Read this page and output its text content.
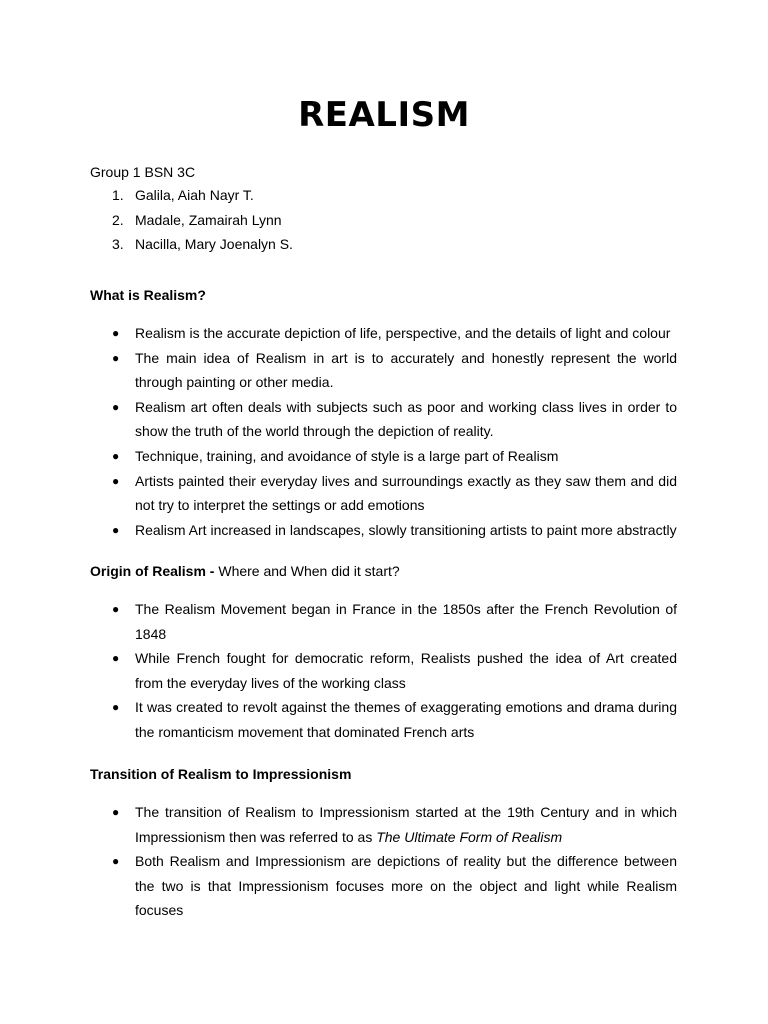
REALISM
Group 1 BSN 3C
1. Galila, Aiah Nayr T.
2. Madale, Zamairah Lynn
3. Nacilla, Mary Joenalyn S.
What is Realism?
● Realism is the accurate depiction of life, perspective, and the details of light and colour
● The main idea of Realism in art is to accurately and honestly represent the world through painting or other media.
● Realism art often deals with subjects such as poor and working class lives in order to show the truth of the world through the depiction of reality.
● Technique, training, and avoidance of style is a large part of Realism
● Artists painted their everyday lives and surroundings exactly as they saw them and did not try to interpret the settings or add emotions
● Realism Art increased in landscapes, slowly transitioning artists to paint more abstractly
Origin of Realism - Where and When did it start?
● The Realism Movement began in France in the 1850s after the French Revolution of 1848
● While French fought for democratic reform, Realists pushed the idea of Art created from the everyday lives of the working class
● It was created to revolt against the themes of exaggerating emotions and drama during the romanticism movement that dominated French arts
Transition of Realism to Impressionism
● The transition of Realism to Impressionism started at the 19th Century and in which Impressionism then was referred to as The Ultimate Form of Realism
● Both Realism and Impressionism are depictions of reality but the difference between the two is that Impressionism focuses more on the object and light while Realism focuses
